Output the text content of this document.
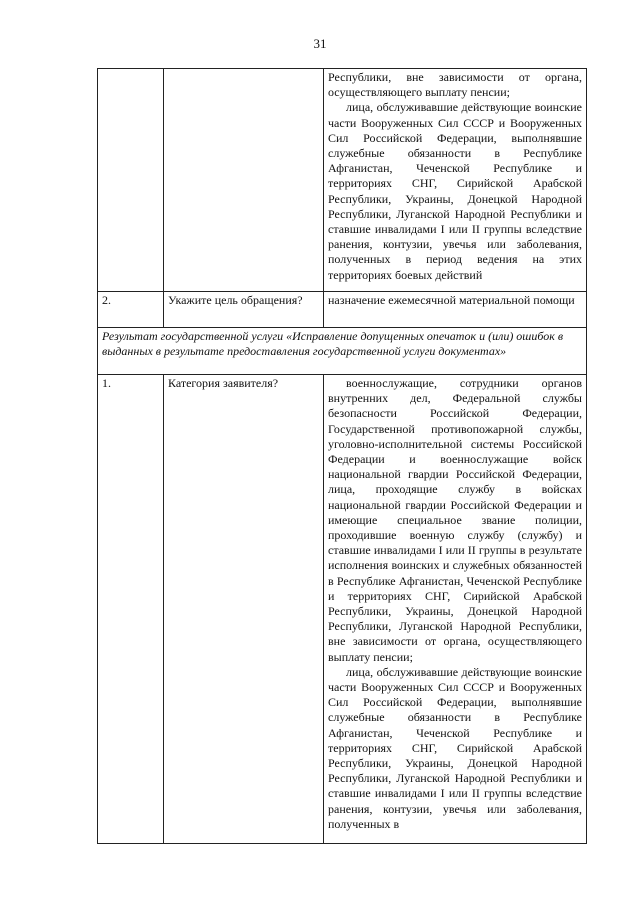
31

		Республики, вне зависимости от органа, осуществляющего выплату пенсии;

лица, обслуживавшие действующие воинские части Вооруженных Сил СССР и Вооруженных Сил Российской Федерации, выполнявшие служебные обязанности в Республике Афганистан, Чеченской Республике и территориях СНГ, Сирийской Арабской Республики, Украины, Донецкой Народной Республики, Луганской Народной Республики и ставшие инвалидами I или II группы вследствие ранения, контузии, увечья или заболевания, полученных в период ведения на этих территориях боевых действий

2.	Укажите цель обращения?	назначение ежемесячной материальной помощи
Результат государственной услуги «Исправление допущенных опечаток и (или) ошибок в выданных в результате предоставления государственной услуги документах»		
1.	Категория заявителя?	военнослужащие, сотрудники органов внутренних дел, Федеральной службы безопасности Российской Федерации, Государственной противопожарной службы, уголовно-исполнительной системы Российской Федерации и военнослужащие войск национальной гвардии Российской Федерации, лица, проходящие службу в войсках национальной гвардии Российской Федерации и имеющие специальное звание полиции, проходившие военную службу (службу) и ставшие инвалидами I или II группы в результате исполнения воинских и служебных обязанностей в Республике Афганистан, Чеченской Республике и территориях СНГ, Сирийской Арабской Республики, Украины, Донецкой Народной Республики, Луганской Народной Республики, вне зависимости от органа, осуществляющего выплату пенсии;

лица, обслуживавшие действующие воинские части Вооруженных Сил СССР и Вооруженных Сил Российской Федерации, выполнявшие служебные обязанности в Республике Афганистан, Чеченской Республике и территориях СНГ, Сирийской Арабской Республики, Украины, Донецкой Народной Республики, Луганской Народной Республики и ставшие инвалидами I или II группы вследствие ранения, контузии, увечья или заболевания, полученных в
